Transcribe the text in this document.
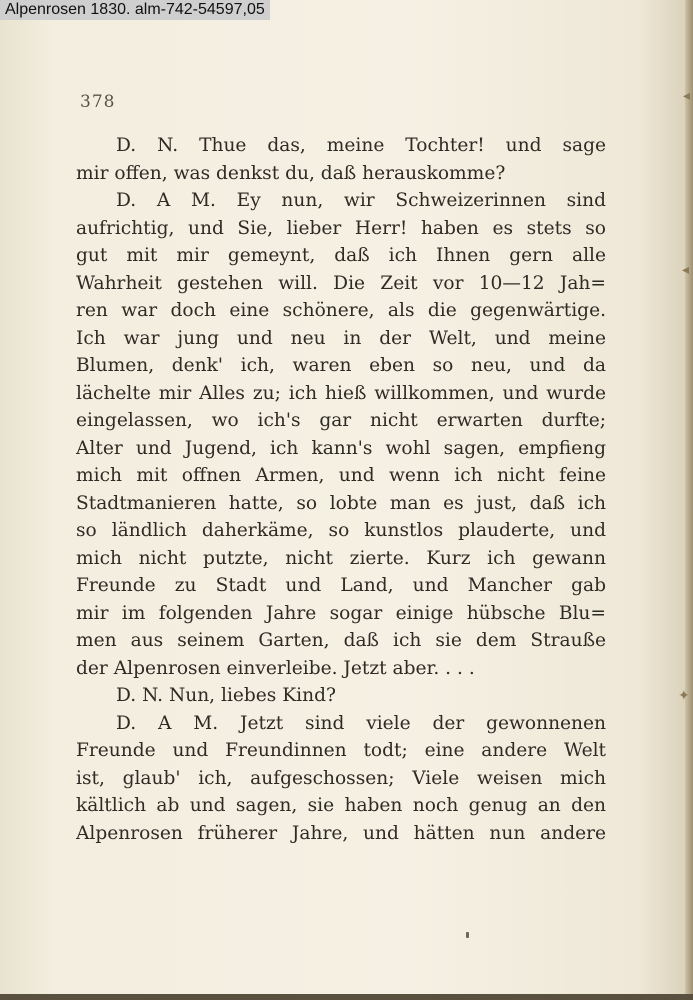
378
D. N. Thue das, meine Tochter! und sage
mir offen, was denkst du, daß herauskomme?
D. A M. Ey nun, wir Schweizerinnen sind
aufrichtig, und Sie, lieber Herr! haben es stets so
gut mit mir gemeynt, daß ich Ihnen gern alle
Wahrheit gestehen will. Die Zeit vor 10—12 Jah=
ren war doch eine schönere, als die gegenwärtige.
Ich war jung und neu in der Welt, und meine
Blumen, denk' ich, waren eben so neu, und da
lächelte mir Alles zu; ich hieß willkommen, und wurde
eingelassen, wo ich's gar nicht erwarten durfte;
Alter und Jugend, ich kann's wohl sagen, empfieng
mich mit offnen Armen, und wenn ich nicht feine
Stadtmanieren hatte, so lobte man es just, daß ich
so ländlich daherkäme, so kunstlos plauderte, und
mich nicht putzte, nicht zierte. Kurz ich gewann
Freunde zu Stadt und Land, und Mancher gab
mir im folgenden Jahre sogar einige hübsche Blu=
men aus seinem Garten, daß ich sie dem Strauße
der Alpenrosen einverleibe. Jetzt aber. . . .
D. N. Nun, liebes Kind?
D. A M. Jetzt sind viele der gewonnenen
Freunde und Freundinnen todt; eine andere Welt
ist, glaub' ich, aufgeschossen; Viele weisen mich
kältlich ab und sagen, sie haben noch genug an den
Alpenrosen früherer Jahre, und hätten nun andere
◂
◂
✦
Alpenrosen 1830. alm-742-54597,05
